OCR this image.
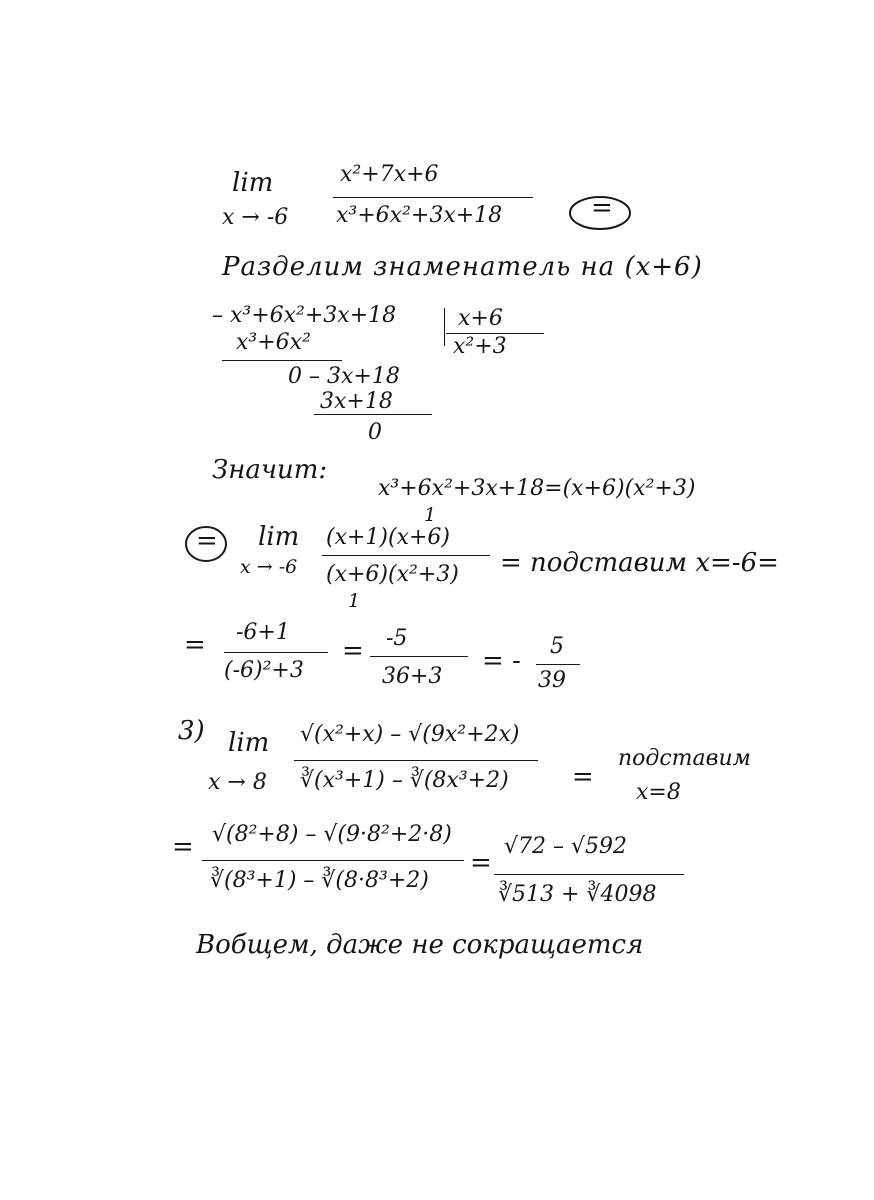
lim
x → -6
x²+7x+6
x³+6x²+3x+18	=
Разделим знаменатель на (x+6)
– x³+6x²+3x+18	x+6
x²+3
x³+6x²
0 – 3x+18
3x+18
0
Значит:
x³+6x²+3x+18=(x+6)(x²+3)
= lim
x → -6
1
(x+1)(x+6)
(x+6)(x²+3)
1
= подставим x=-6=
= -6+1
(-6)²+3
= -5
36+3
= - 5
39
3) lim
x → 8
√(x²+x) – √(9x²+2x)
∛(x³+1) – ∛(8x³+2) =
подставим
x=8
= √(8²+8) – √(9·8²+2·8)
∛(8³+1) – ∛(8·8³+2)
=
√72 – √592
∛513 + ∛4098
Вобщем, даже не сокращается
